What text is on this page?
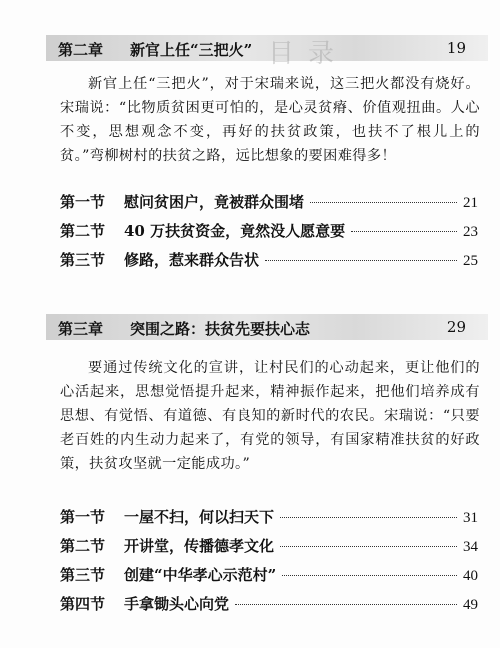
目录
第二章 新官上任“三把火”	19
新官上任“三把火”，对于宋瑞来说，这三把火都没有烧好。宋瑞说：“比物质贫困更可怕的，是心灵贫瘠、价值观扭曲。人心不变，思想观念不变，再好的扶贫政策，也扶不了根儿上的贫。”弯柳树村的扶贫之路，远比想象的要困难得多！
第一节	慰问贫困户，竟被群众围堵	21
第二节	40 万扶贫资金，竟然没人愿意要	23
第三节	修路，惹来群众告状	25
第三章 突围之路：扶贫先要扶心志	29
要通过传统文化的宣讲，让村民们的心动起来，更让他们的心活起来，思想觉悟提升起来，精神振作起来，把他们培养成有思想、有觉悟、有道德、有良知的新时代的农民。宋瑞说：“只要老百姓的内生动力起来了，有党的领导，有国家精准扶贫的好政策，扶贫攻坚就一定能成功。”
第一节	一屋不扫，何以扫天下	31
第二节	开讲堂，传播德孝文化	34
第三节	创建“中华孝心示范村”	40
第四节	手拿锄头心向党	49
